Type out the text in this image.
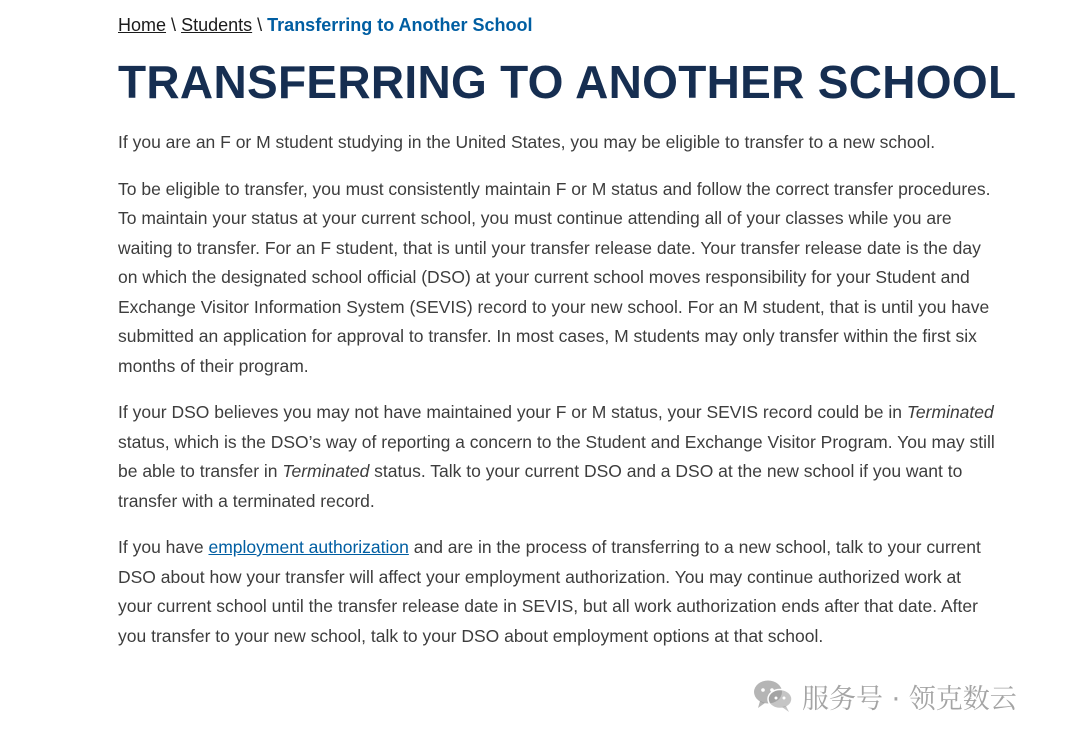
Home \ Students \ Transferring to Another School
TRANSFERRING TO ANOTHER SCHOOL

If you are an F or M student studying in the United States, you may be eligible to transfer to a new school.

To be eligible to transfer, you must consistently maintain F or M status and follow the correct transfer procedures. To maintain your status at your current school, you must continue attending all of your classes while you are waiting to transfer. For an F student, that is until your transfer release date. Your transfer release date is the day on which the designated school official (DSO) at your current school moves responsibility for your Student and Exchange Visitor Information System (SEVIS) record to your new school. For an M student, that is until you have submitted an application for approval to transfer. In most cases, M students may only transfer within the first six months of their program.

If your DSO believes you may not have maintained your F or M status, your SEVIS record could be in Terminated status, which is the DSO’s way of reporting a concern to the Student and Exchange Visitor Program. You may still be able to transfer in Terminated status. Talk to your current DSO and a DSO at the new school if you want to transfer with a terminated record.

If you have employment authorization and are in the process of transferring to a new school, talk to your current DSO about how your transfer will affect your employment authorization. You may continue authorized work at your current school until the transfer release date in SEVIS, but all work authorization ends after that date. After you transfer to your new school, talk to your DSO about employment options at that school.

服务号 · 领克数云
